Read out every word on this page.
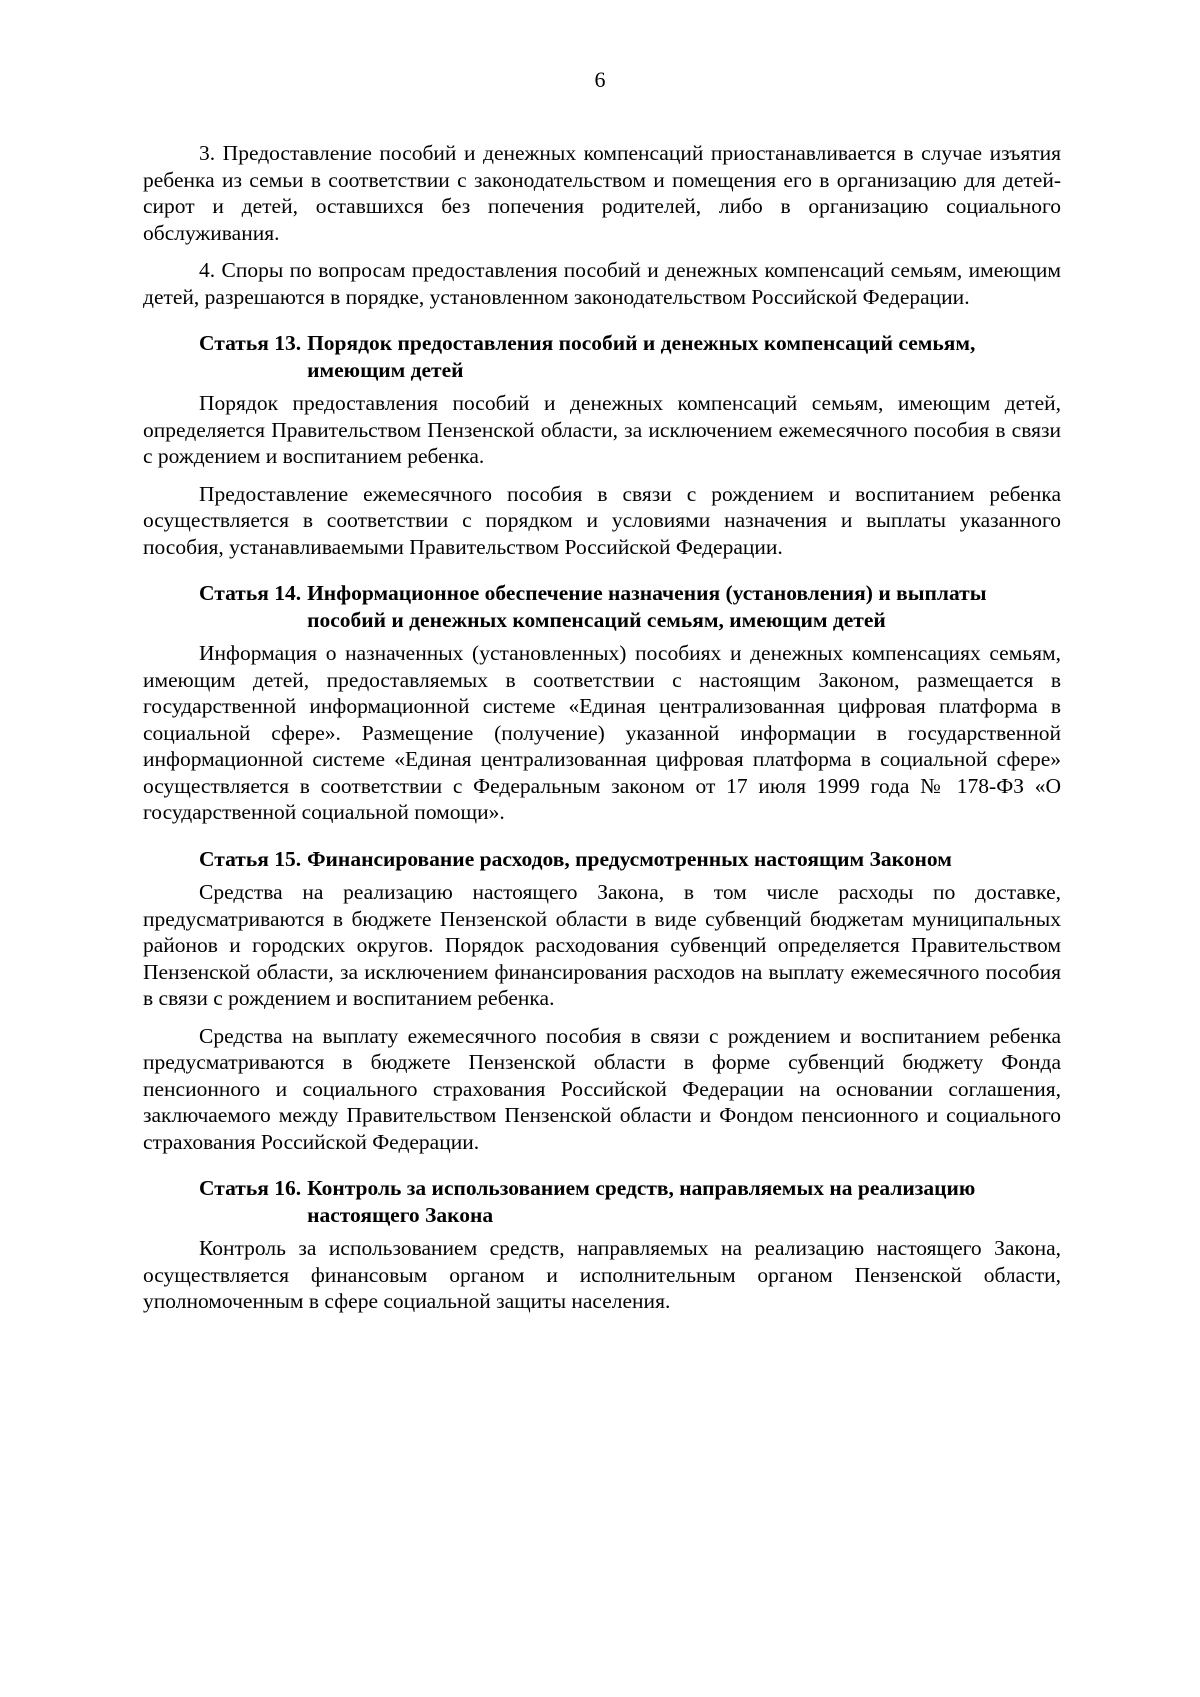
6

3. Предоставление пособий и денежных компенсаций приостанавливается в случае изъятия ребенка из семьи в соответствии с законодательством и помещения его в организацию для детей-сирот и детей, оставшихся без попечения родителей, либо в организацию социального обслуживания.

4. Споры по вопросам предоставления пособий и денежных компенсаций семьям, имеющим детей, разрешаются в порядке, установленном законодательством Российской Федерации.

Статья 13. Порядок предоставления пособий и денежных компенсаций семьям, имеющим детей

Порядок предоставления пособий и денежных компенсаций семьям, имеющим детей, определяется Правительством Пензенской области, за исключением ежемесячного пособия в связи с рождением и воспитанием ребенка.

Предоставление ежемесячного пособия в связи с рождением и воспитанием ребенка осуществляется в соответствии с порядком и условиями назначения и выплаты указанного пособия, устанавливаемыми Правительством Российской Федерации.

Статья 14. Информационное обеспечение назначения (установления) и выплаты пособий и денежных компенсаций семьям, имеющим детей

Информация о назначенных (установленных) пособиях и денежных компенсациях семьям, имеющим детей, предоставляемых в соответствии с настоящим Законом, размещается в государственной информационной системе «Единая централизованная цифровая платформа в социальной сфере». Размещение (получение) указанной информации в государственной информационной системе «Единая централизованная цифровая платформа в социальной сфере» осуществляется в соответствии с Федеральным законом от 17 июля 1999 года № 178-ФЗ «О государственной социальной помощи».

Статья 15. Финансирование расходов, предусмотренных настоящим Законом

Средства на реализацию настоящего Закона, в том числе расходы по доставке, предусматриваются в бюджете Пензенской области в виде субвенций бюджетам муниципальных районов и городских округов. Порядок расходования субвенций определяется Правительством Пензенской области, за исключением финансирования расходов на выплату ежемесячного пособия в связи с рождением и воспитанием ребенка.

Средства на выплату ежемесячного пособия в связи с рождением и воспитанием ребенка предусматриваются в бюджете Пензенской области в форме субвенций бюджету Фонда пенсионного и социального страхования Российской Федерации на основании соглашения, заключаемого между Правительством Пензенской области и Фондом пенсионного и социального страхования Российской Федерации.

Статья 16. Контроль за использованием средств, направляемых на реализацию настоящего Закона

Контроль за использованием средств, направляемых на реализацию настоящего Закона, осуществляется финансовым органом и исполнительным органом Пензенской области, уполномоченным в сфере социальной защиты населения.
